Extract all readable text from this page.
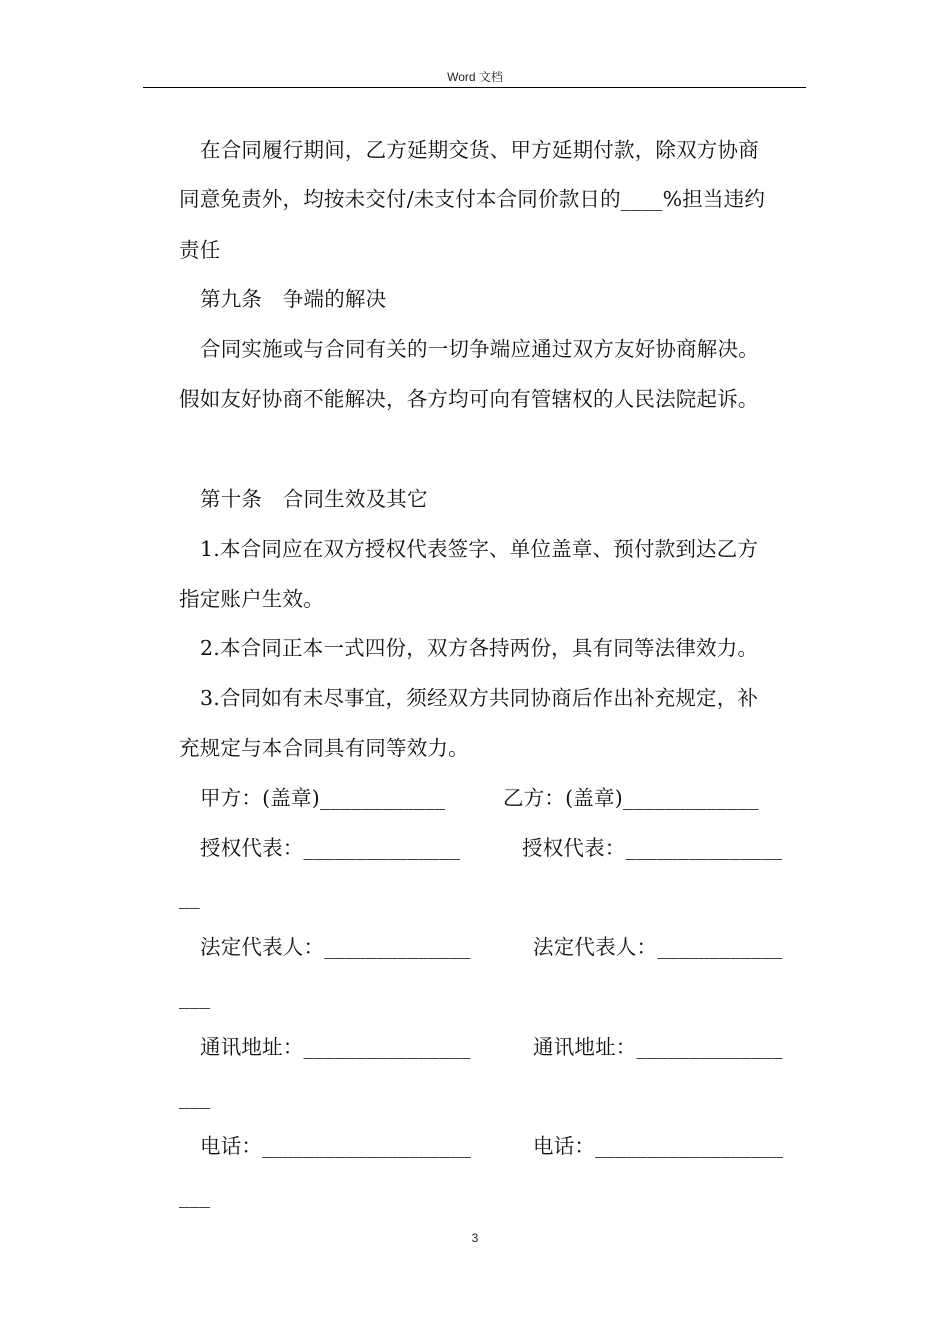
Word 文档
在合同履行期间，乙方延期交货、甲方延期付款，除双方协商
同意免责外，均按未交付/未支付本合同价款日的____%担当违约
责任
第九条　争端的解决
合同实施或与合同有关的一切争端应通过双方友好协商解决。
假如友好协商不能解决，各方均可向有管辖权的人民法院起诉。
第十条　合同生效及其它
1.本合同应在双方授权代表签字、单位盖章、预付款到达乙方
指定账户生效。
2.本合同正本一式四份，双方各持两份，具有同等法律效力。
3.合同如有未尽事宜，须经双方共同协商后作出补充规定，补
充规定与本合同具有同等效力。
甲方：(盖章)____________	乙方：(盖章)_____________
授权代表：_______________	授权代表：_______________
__
法定代表人：______________	法定代表人：____________
___
通讯地址：________________	通讯地址：______________
___
电话：____________________	电话：__________________
___
3
